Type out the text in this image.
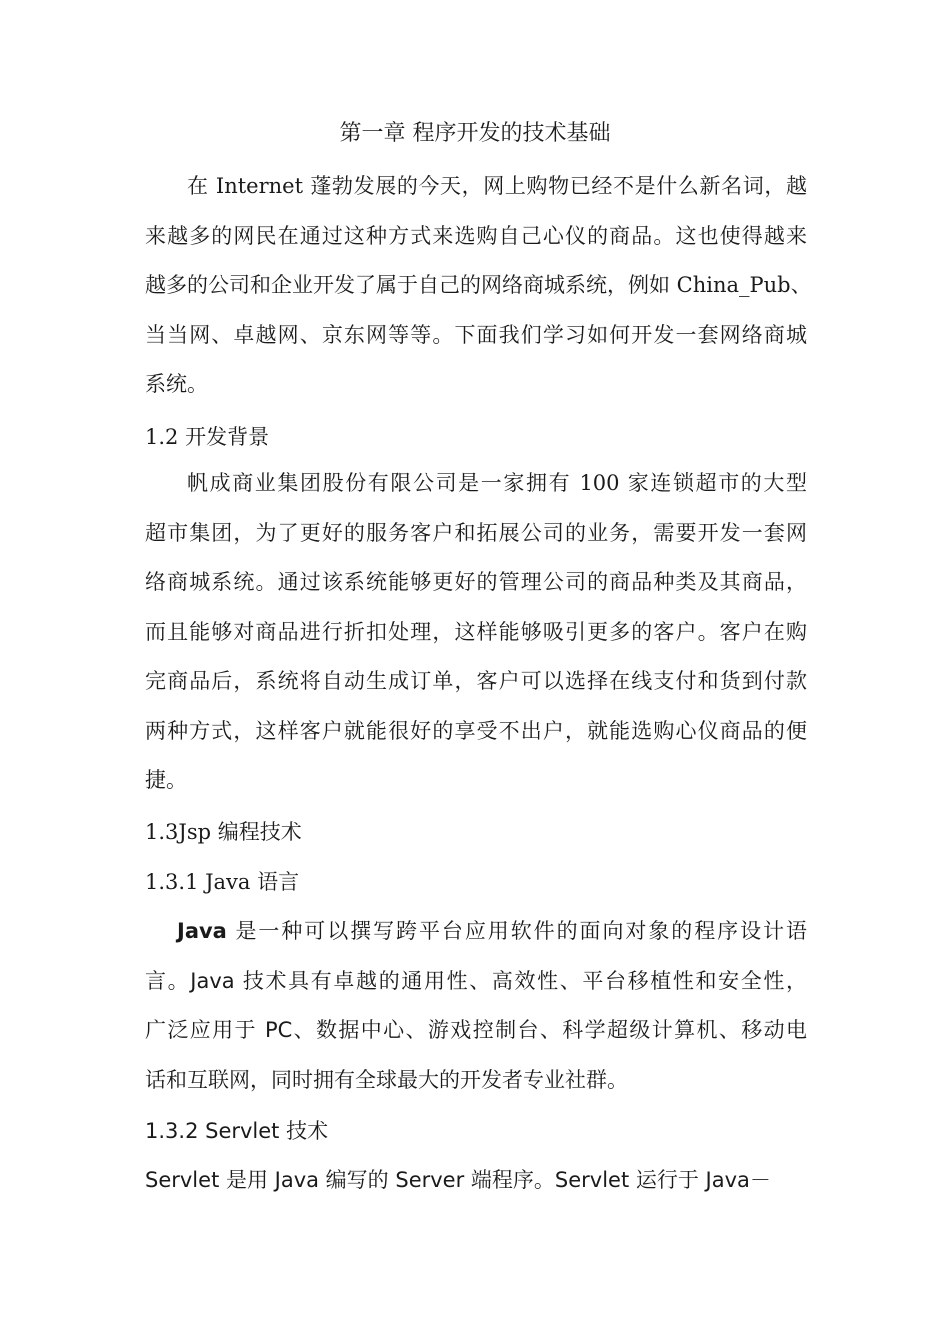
第一章 程序开发的技术基础
在 Internet 蓬勃发展的今天，网上购物已经不是什么新名词，越
来越多的网民在通过这种方式来选购自己心仪的商品。这也使得越来
越多的公司和企业开发了属于自己的网络商城系统，例如 China_Pub、
当当网、卓越网、京东网等等。下面我们学习如何开发一套网络商城
系统。
1.2 开发背景
帆成商业集团股份有限公司是一家拥有 100 家连锁超市的大型
超市集团，为了更好的服务客户和拓展公司的业务，需要开发一套网
络商城系统。通过该系统能够更好的管理公司的商品种类及其商品，
而且能够对商品进行折扣处理，这样能够吸引更多的客户。客户在购
完商品后，系统将自动生成订单，客户可以选择在线支付和货到付款
两种方式，这样客户就能很好的享受不出户，就能选购心仪商品的便
捷。
1.3Jsp 编程技术
1.3.1 Java 语言
Java 是一种可以撰写跨平台应用软件的面向对象的程序设计语
言。Java 技术具有卓越的通用性、高效性、平台移植性和安全性，
广泛应用于 PC、数据中心、游戏控制台、科学超级计算机、移动电
话和互联网，同时拥有全球最大的开发者专业社群。
1.3.2 Servlet 技术
Servlet 是用 Java 编写的 Server 端程序。Servlet 运行于 Java－
